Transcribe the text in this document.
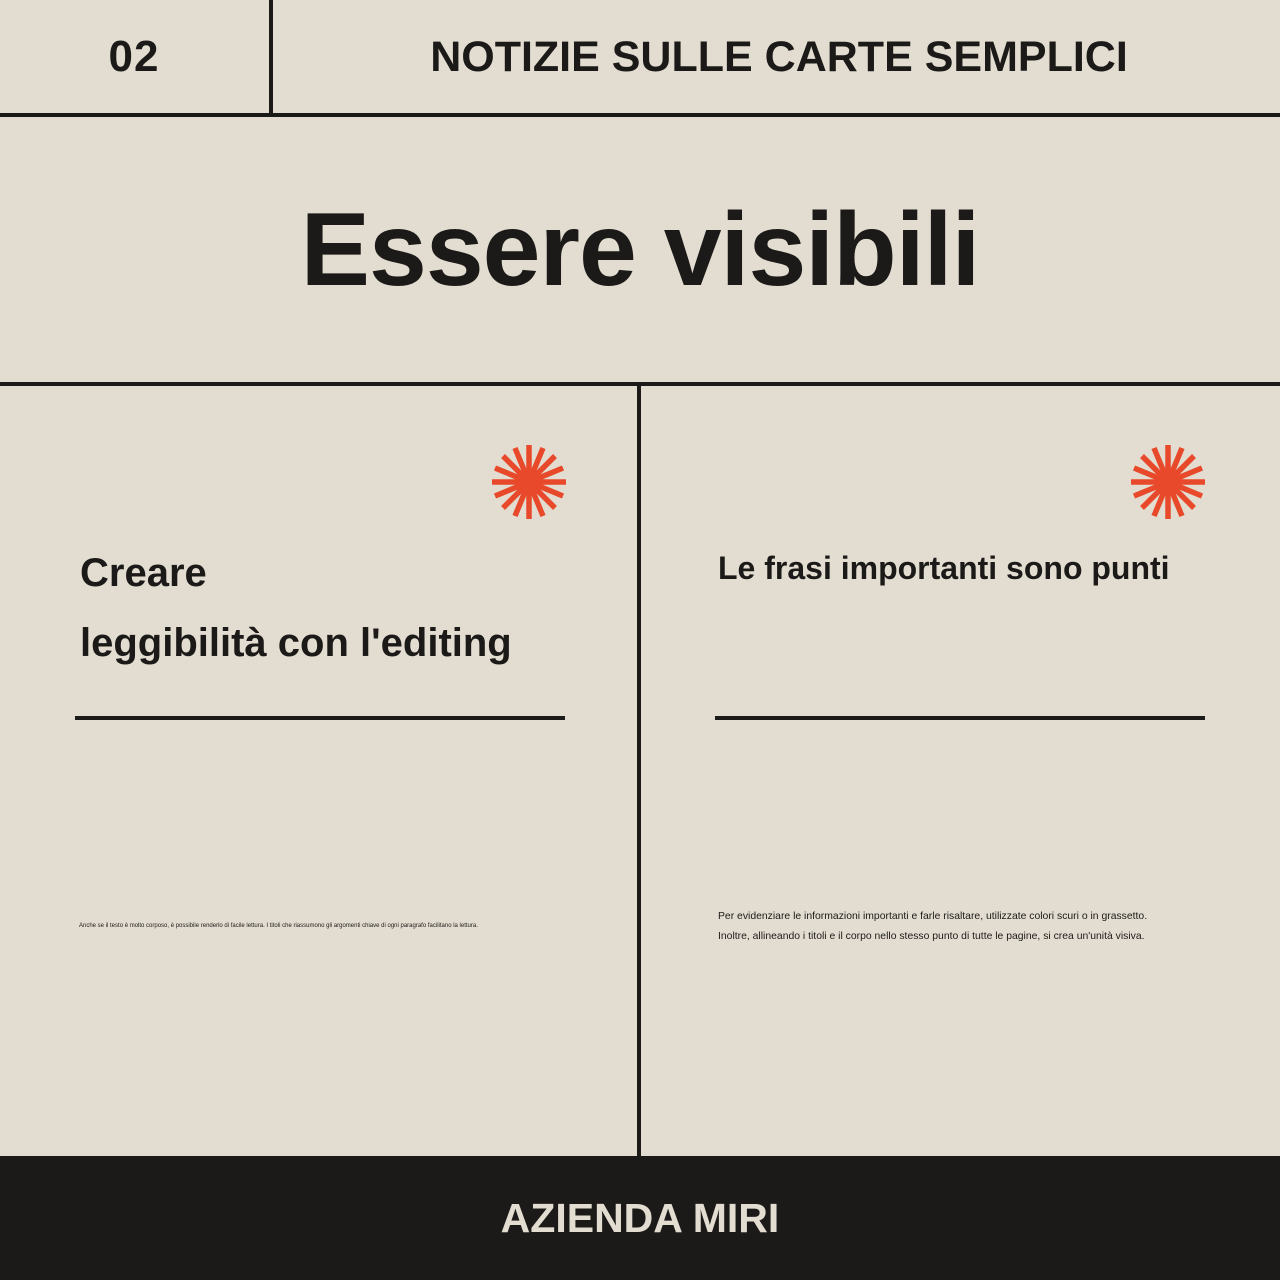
02	NOTIZIE SULLE CARTE SEMPLICI
Essere visibili
Creare
leggibilità con l'editing
Anche se il testo è molto corposo, è possibile renderlo di facile lettura. I titoli che riassumono gli argomenti chiave di ogni paragrafo facilitano la lettura.
Le frasi importanti sono punti
Per evidenziare le informazioni importanti e farle risaltare, utilizzate colori scuri o in grassetto.
Inoltre, allineando i titoli e il corpo nello stesso punto di tutte le pagine, si crea un'unità visiva.
AZIENDA MIRI
